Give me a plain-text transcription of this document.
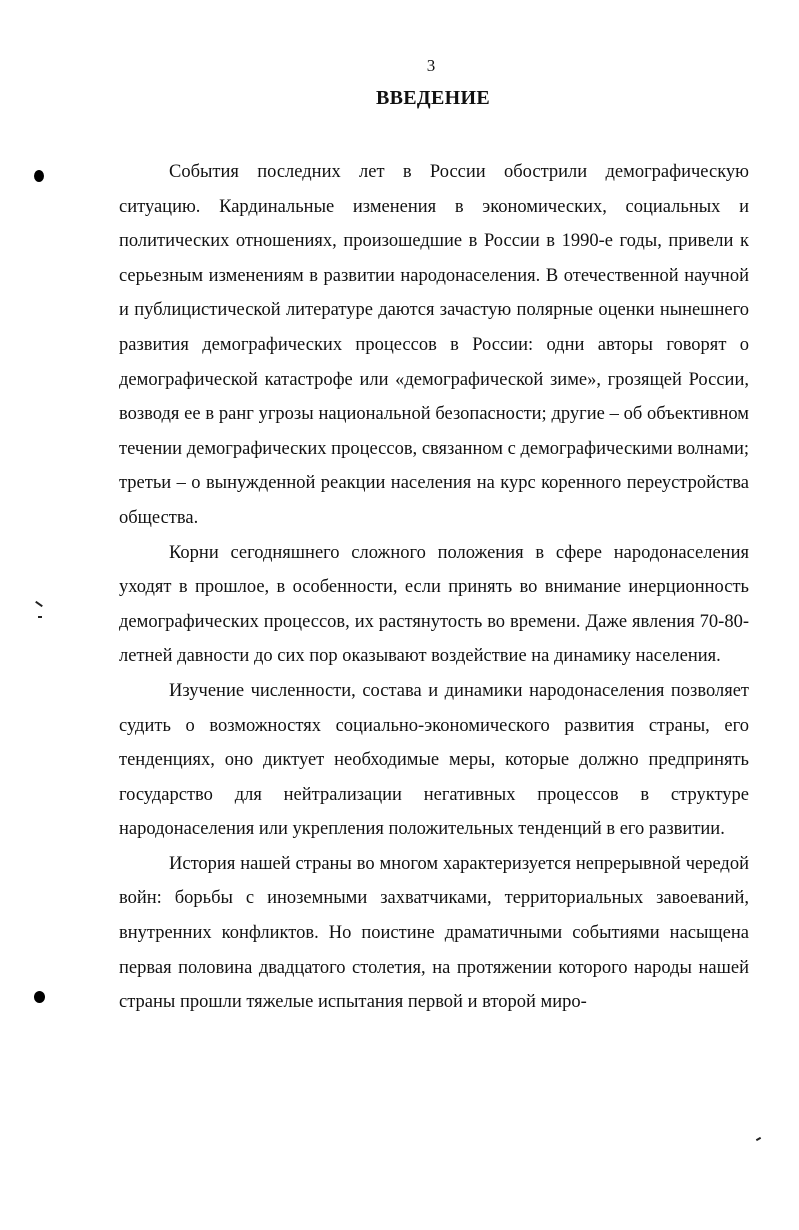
3
ВВЕДЕНИЕ

События последних лет в России обострили демографическую ситуацию. Кардинальные изменения в экономических, социальных и политических отношениях, произошедшие в России в 1990-е годы, привели к серьезным изменениям в развитии народонаселения. В отечественной научной и публицистической литературе даются зачастую полярные оценки нынешнего развития демографических процессов в России: одни авторы говорят о демографической катастрофе или «демографической зиме», грозящей России, возводя ее в ранг угрозы национальной безопасности; другие – об объективном течении демографических процессов, связанном с демографическими волнами; третьи – о вынужденной реакции населения на курс коренного переустройства общества.

Корни сегодняшнего сложного положения в сфере народонаселения уходят в прошлое, в особенности, если принять во внимание инерционность демографических процессов, их растянутость во времени. Даже явления 70-80-летней давности до сих пор оказывают воздействие на динамику населения.

Изучение численности, состава и динамики народонаселения позволяет судить о возможностях социально-экономического развития страны, его тенденциях, оно диктует необходимые меры, которые должно предпринять государство для нейтрализации негативных процессов в структуре народонаселения или укрепления положительных тенденций в его развитии.

История нашей страны во многом характеризуется непрерывной чередой войн: борьбы с иноземными захватчиками, территориальных завоеваний, внутренних конфликтов. Но поистине драматичными событиями насыщена первая половина двадцатого столетия, на протяжении которого народы нашей страны прошли тяжелые испытания первой и второй миро-
